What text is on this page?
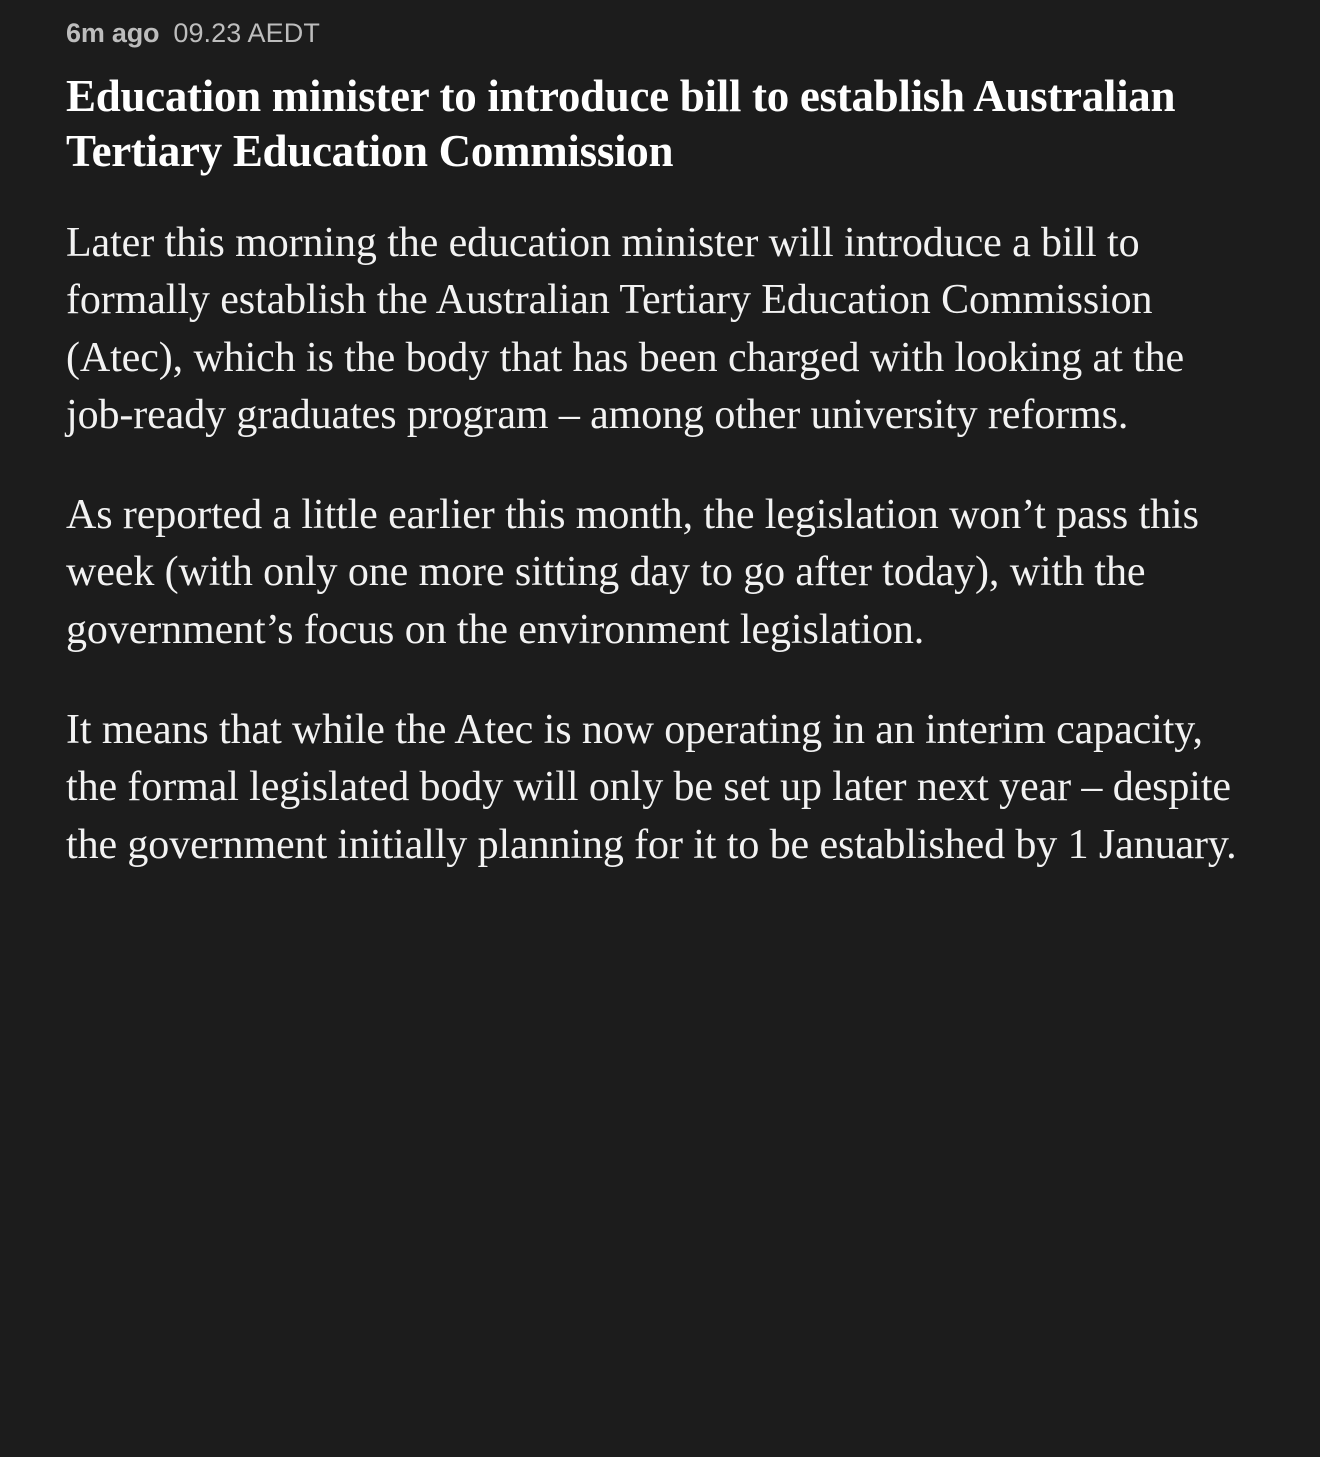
6m ago 09.23 AEDT
Education minister to introduce bill to establish Australian Tertiary Education Commission

Later this morning the education minister will introduce a bill to formally establish the Australian Tertiary Education Commission (Atec), which is the body that has been charged with looking at the job-ready graduates program – among other university reforms.

As reported a little earlier this month, the legislation won’t pass this week (with only one more sitting day to go after today), with the government’s focus on the environment legislation.

It means that while the Atec is now operating in an interim capacity, the formal legislated body will only be set up later next year – despite the government initially planning for it to be established by 1 January.
